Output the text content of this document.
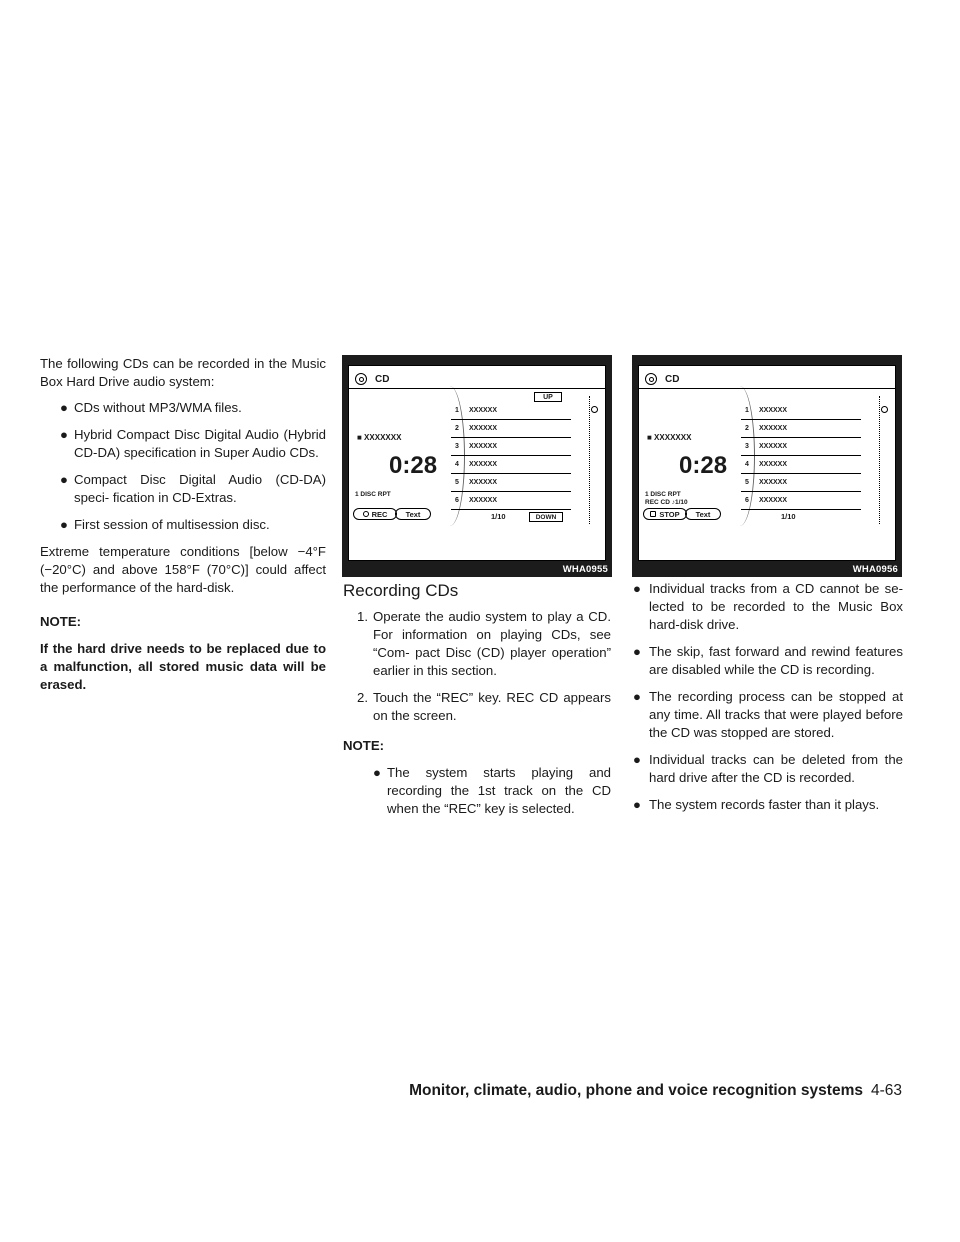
The following CDs can be recorded in the Music Box Hard Drive audio system:

● CDs without MP3/WMA files.
● Hybrid Compact Disc Digital Audio (Hybrid CD-DA) specification in Super Audio CDs.
● Compact Disc Digital Audio (CD-DA) speci- fication in CD-Extras.
● First session of multisession disc.

Extreme temperature conditions [below −4°F (−20°C) and above 158°F (70°C)] could affect the performance of the hard-disk.

NOTE:
If the hard drive needs to be replaced due to a malfunction, all stored music data will be erased.
CD
■ XXXXXXX
0:28
1 DISC RPT
REC	Text
UP
1	XXXXXX
2	XXXXXX
3	XXXXXX
4	XXXXXX
5	XXXXXX
6	XXXXXX
1/10	DOWN
WHA0955
CD
■ XXXXXXX
0:28
1 DISC RPT
REC CD ♪1/10
STOP	Text
1	XXXXXX
2	XXXXXX
3	XXXXXX
4	XXXXXX
5	XXXXXX
6	XXXXXX
1/10
WHA0956
Recording CDs
1. Operate the audio system to play a CD. For information on playing CDs, see “Com- pact Disc (CD) player operation” earlier in this section.
2. Touch the “REC” key. REC CD appears on the screen.
NOTE:
● The system starts playing and recording the 1st track on the CD when the “REC” key is selected.
● Individual tracks from a CD cannot be se- lected to be recorded to the Music Box hard-disk drive.
● The skip, fast forward and rewind features are disabled while the CD is recording.
● The recording process can be stopped at any time. All tracks that were played before the CD was stopped are stored.
● Individual tracks can be deleted from the hard drive after the CD is recorded.
● The system records faster than it plays.
Monitor, climate, audio, phone and voice recognition systems 4-63
